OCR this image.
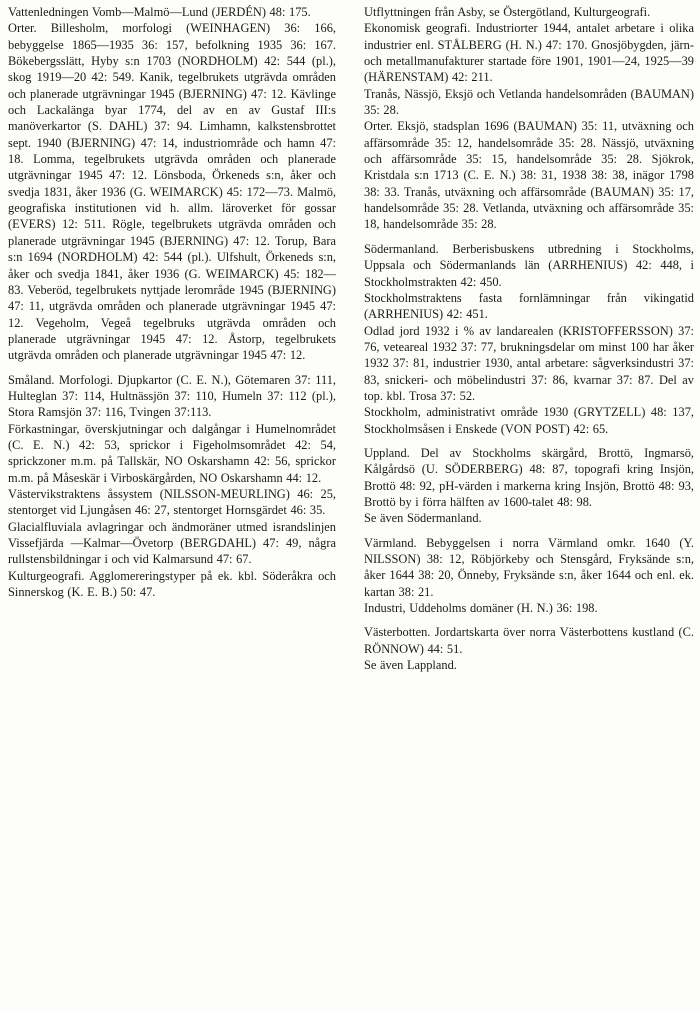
Vattenledningen Vomb—Malmö—Lund (JERDÉN) 48: 175.
Orter. Billesholm, morfologi (WEINHAGEN) 36: 166, bebyggelse 1865—1935 36: 157, befolkning 1935 36: 167. Bökebergsslätt, Hyby s:n 1703 (NORDHOLM) 42: 544 (pl.), skog 1919—20 42: 549. Kanik, tegelbrukets utgrävda områden och planerade utgrävningar 1945 (BJERNING) 47: 12. Kävlinge och Lackalänga byar 1774, del av en av Gustaf III:s manöverkartor (S. DAHL) 37: 94. Limhamn, kalkstensbrottet sept. 1940 (BJERNING) 47: 14, industriområde och hamn 47: 18. Lomma, tegelbrukets utgrävda områden och planerade utgrävningar 1945 47: 12. Lönsboda, Örkeneds s:n, åker och svedja 1831, åker 1936 (G. WEIMARCK) 45: 172—73. Malmö, geografiska institutionen vid h. allm. läroverket för gossar (EVERS) 12: 511. Rögle, tegelbrukets utgrävda områden och planerade utgrävningar 1945 (BJERNING) 47: 12. Torup, Bara s:n 1694 (NORDHOLM) 42: 544 (pl.). Ulfshult, Örkeneds s:n, åker och svedja 1841, åker 1936 (G. WEIMARCK) 45: 182—83. Veberöd, tegelbrukets nyttjade lerområde 1945 (BJERNING) 47: 11, utgrävda områden och planerade utgrävningar 1945 47: 12. Vegeholm, Vegeå tegelbruks utgrävda områden och planerade utgrävningar 1945 47: 12. Åstorp, tegelbrukets utgrävda områden och planerade utgrävningar 1945 47: 12.
Småland. Morfologi. Djupkartor (C. E. N.), Götemaren 37: 111, Hulteglan 37: 114, Hultnässjön 37: 110, Humeln 37: 112 (pl.), Stora Ramsjön 37: 116, Tvingen 37:113.
Förkastningar, överskjutningar och dalgångar i Humelnområdet (C. E. N.) 42: 53, sprickor i Figeholmsområdet 42: 54, sprickzoner m.m. på Tallskär, NO Oskarshamn 42: 56, sprickor m.m. på Måseskär i Virboskärgården, NO Oskarshamn 44: 12.
Västervikstraktens åssystem (NILSSON-MEURLING) 46: 25, stentorget vid Ljungåsen 46: 27, stentorget Hornsgärdet 46: 35.
Glacialfluviala avlagringar och ändmoräner utmed israndslinjen Vissefjärda —Kalmar—Övetorp (BERGDAHL) 47: 49, några rullstensbildningar i och vid Kalmarsund 47: 67.
Kulturgeografi. Agglomereringstyper på ek. kbl. Söderåkra och Sinnerskog (K. E. B.) 50: 47.
Utflyttningen från Asby, se Östergötland, Kulturgeografi.
Ekonomisk geografi. Industriorter 1944, antalet arbetare i olika industrier enl. STÅLBERG (H. N.) 47: 170. Gnosjöbygden, järn- och metallmanufakturer startade före 1901, 1901—24, 1925—39 (HÄRENSTAM) 42: 211.
Tranås, Nässjö, Eksjö och Vetlanda handelsområden (BAUMAN) 35: 28.
Orter. Eksjö, stadsplan 1696 (BAUMAN) 35: 11, utväxning och affärsområde 35: 12, handelsområde 35: 28. Nässjö, utväxning och affärsområde 35: 15, handelsområde 35: 28. Sjökrok, Kristdala s:n 1713 (C. E. N.) 38: 31, 1938 38: 38, inägor 1798 38: 33. Tranås, utväxning och affärsområde (BAUMAN) 35: 17, handelsområde 35: 28. Vetlanda, utväxning och affärsområde 35: 18, handelsområde 35: 28.
Södermanland. Berberisbuskens utbredning i Stockholms, Uppsala och Södermanlands län (ARRHENIUS) 42: 448, i Stockholmstrakten 42: 450.
Stockholmstraktens fasta fornlämningar från vikingatid (ARRHENIUS) 42: 451.
Odlad jord 1932 i % av landarealen (KRISTOFFERSSON) 37: 76, veteareal 1932 37: 77, brukningsdelar om minst 100 har åker 1932 37: 81, industrier 1930, antal arbetare: sågverksindustri 37: 83, snickeri- och möbelindustri 37: 86, kvarnar 37: 87. Del av top. kbl. Trosa 37: 52.
Stockholm, administrativt område 1930 (GRYTZELL) 48: 137, Stockholmsåsen i Enskede (VON POST) 42: 65.
Uppland. Del av Stockholms skärgård, Brottö, Ingmarsö, Kålgårdsö (U. SÖDERBERG) 48: 87, topografi kring Insjön, Brottö 48: 92, pH-värden i markerna kring Insjön, Brottö 48: 93, Brottö by i förra hälften av 1600-talet 48: 98.
Se även Södermanland.
Värmland. Bebyggelsen i norra Värmland omkr. 1640 (Y. NILSSON) 38: 12, Röbjörkeby och Stensgård, Fryksände s:n, åker 1644 38: 20, Önneby, Fryksände s:n, åker 1644 och enl. ek. kartan 38: 21.
Industri, Uddeholms domäner (H. N.) 36: 198.
Västerbotten. Jordartskarta över norra Västerbottens kustland (C. RÖNNOW) 44: 51.
Se även Lappland.
